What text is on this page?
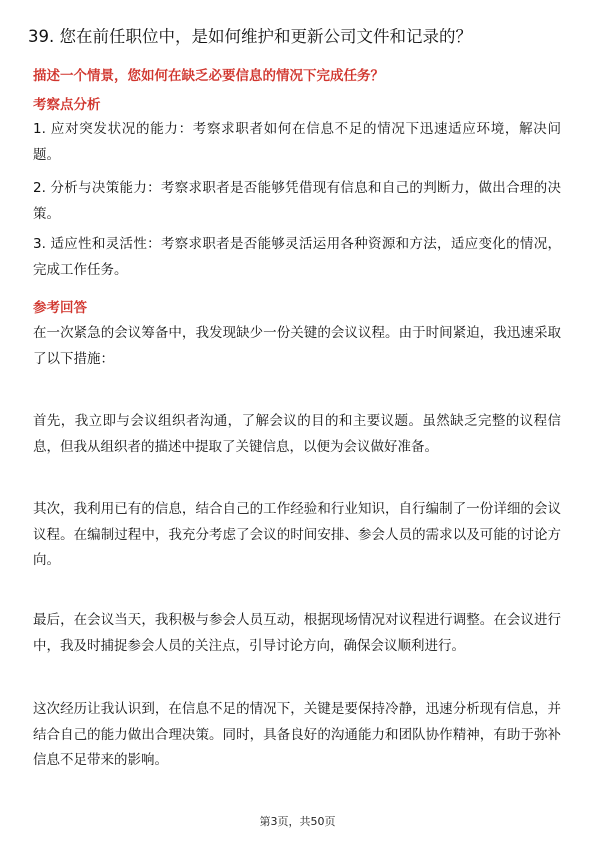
39. 您在前任职位中，是如何维护和更新公司文件和记录的？

描述一个情景，您如何在缺乏必要信息的情况下完成任务？

考察点分析

1. 应对突发状况的能力：考察求职者如何在信息不足的情况下迅速适应环境，解决问题。

2. 分析与决策能力：考察求职者是否能够凭借现有信息和自己的判断力，做出合理的决策。

3. 适应性和灵活性：考察求职者是否能够灵活运用各种资源和方法，适应变化的情况，完成工作任务。

参考回答

在一次紧急的会议筹备中，我发现缺少一份关键的会议议程。由于时间紧迫，我迅速采取了以下措施：

首先，我立即与会议组织者沟通，了解会议的目的和主要议题。虽然缺乏完整的议程信息，但我从组织者的描述中提取了关键信息，以便为会议做好准备。

其次，我利用已有的信息，结合自己的工作经验和行业知识，自行编制了一份详细的会议议程。在编制过程中，我充分考虑了会议的时间安排、参会人员的需求以及可能的讨论方向。

最后，在会议当天，我积极与参会人员互动，根据现场情况对议程进行调整。在会议进行中，我及时捕捉参会人员的关注点，引导讨论方向，确保会议顺利进行。

这次经历让我认识到，在信息不足的情况下，关键是要保持冷静，迅速分析现有信息，并结合自己的能力做出合理决策。同时，具备良好的沟通能力和团队协作精神，有助于弥补信息不足带来的影响。

第3页，共50页
